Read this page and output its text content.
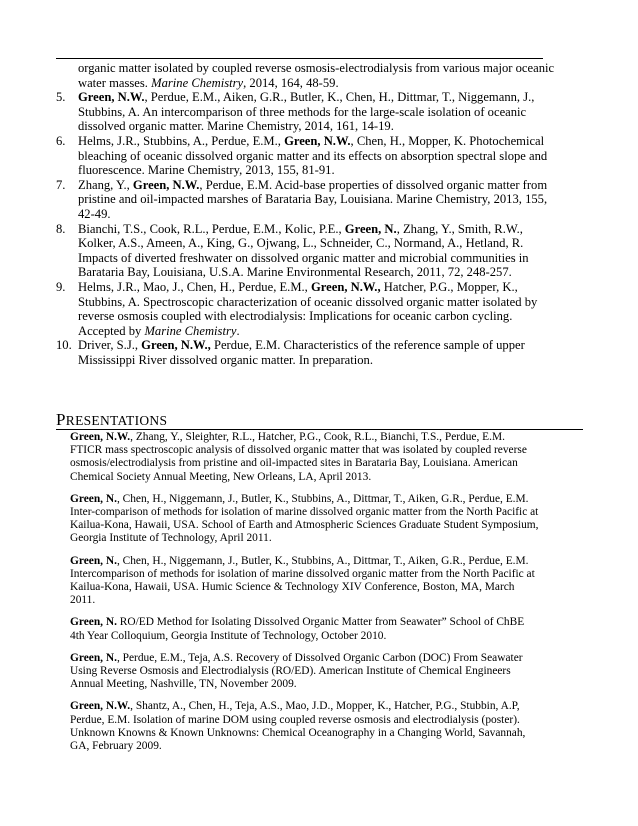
organic matter isolated by coupled reverse osmosis-electrodialysis from various major oceanic water masses. Marine Chemistry, 2014, 164, 48-59.
5. Green, N.W., Perdue, E.M., Aiken, G.R., Butler, K., Chen, H., Dittmar, T., Niggemann, J., Stubbins, A. An intercomparison of three methods for the large-scale isolation of oceanic dissolved organic matter. Marine Chemistry, 2014, 161, 14-19.
6. Helms, J.R., Stubbins, A., Perdue, E.M., Green, N.W., Chen, H., Mopper, K. Photochemical bleaching of oceanic dissolved organic matter and its effects on absorption spectral slope and fluorescence. Marine Chemistry, 2013, 155, 81-91.
7. Zhang, Y., Green, N.W., Perdue, E.M. Acid-base properties of dissolved organic matter from pristine and oil-impacted marshes of Barataria Bay, Louisiana. Marine Chemistry, 2013, 155, 42-49.
8. Bianchi, T.S., Cook, R.L., Perdue, E.M., Kolic, P.E., Green, N., Zhang, Y., Smith, R.W., Kolker, A.S., Ameen, A., King, G., Ojwang, L., Schneider, C., Normand, A., Hetland, R. Impacts of diverted freshwater on dissolved organic matter and microbial communities in Barataria Bay, Louisiana, U.S.A. Marine Environmental Research, 2011, 72, 248-257.
9. Helms, J.R., Mao, J., Chen, H., Perdue, E.M., Green, N.W., Hatcher, P.G., Mopper, K., Stubbins, A. Spectroscopic characterization of oceanic dissolved organic matter isolated by reverse osmosis coupled with electrodialysis: Implications for oceanic carbon cycling. Accepted by Marine Chemistry.
10. Driver, S.J., Green, N.W., Perdue, E.M. Characteristics of the reference sample of upper Mississippi River dissolved organic matter. In preparation.
PRESENTATIONS
Green, N.W., Zhang, Y., Sleighter, R.L., Hatcher, P.G., Cook, R.L., Bianchi, T.S., Perdue, E.M. FTICR mass spectroscopic analysis of dissolved organic matter that was isolated by coupled reverse osmosis/electrodialysis from pristine and oil-impacted sites in Barataria Bay, Louisiana. American Chemical Society Annual Meeting, New Orleans, LA, April 2013.
Green, N., Chen, H., Niggemann, J., Butler, K., Stubbins, A., Dittmar, T., Aiken, G.R., Perdue, E.M. Inter-comparison of methods for isolation of marine dissolved organic matter from the North Pacific at Kailua-Kona, Hawaii, USA. School of Earth and Atmospheric Sciences Graduate Student Symposium, Georgia Institute of Technology, April 2011.
Green, N., Chen, H., Niggemann, J., Butler, K., Stubbins, A., Dittmar, T., Aiken, G.R., Perdue, E.M. Intercomparison of methods for isolation of marine dissolved organic matter from the North Pacific at Kailua-Kona, Hawaii, USA. Humic Science & Technology XIV Conference, Boston, MA, March 2011.
Green, N. RO/ED Method for Isolating Dissolved Organic Matter from Seawater” School of ChBE 4th Year Colloquium, Georgia Institute of Technology, October 2010.
Green, N., Perdue, E.M., Teja, A.S. Recovery of Dissolved Organic Carbon (DOC) From Seawater Using Reverse Osmosis and Electrodialysis (RO/ED). American Institute of Chemical Engineers Annual Meeting, Nashville, TN, November 2009.
Green, N.W., Shantz, A., Chen, H., Teja, A.S., Mao, J.D., Mopper, K., Hatcher, P.G., Stubbin, A.P, Perdue, E.M. Isolation of marine DOM using coupled reverse osmosis and electrodialysis (poster). Unknown Knowns & Known Unknowns: Chemical Oceanography in a Changing World, Savannah, GA, February 2009.
